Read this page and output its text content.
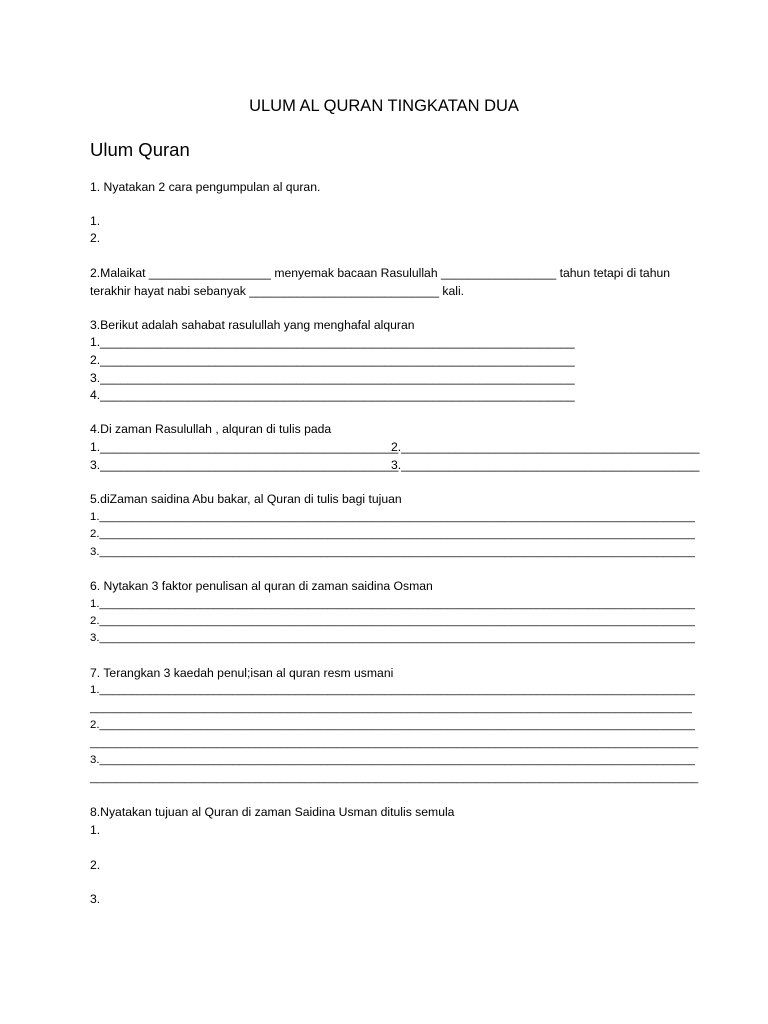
ULUM AL QURAN TINGKATAN DUA
Ulum Quran
1. Nyatakan 2 cara pengumpulan al quran.
1.
2.
2.Malaikat __________________ menyemak bacaan Rasulullah _________________ tahun tetapi di tahun
terakhir hayat nabi sebanyak ____________________________ kali.
3.Berikut adalah sahabat rasulullah yang menghafal alquran
1.______________________________________________________________________
2.______________________________________________________________________
3.______________________________________________________________________
4.______________________________________________________________________
4.Di zaman Rasulullah , alquran di tulis pada
1.____________________________________________
2.____________________________________________
3.____________________________________________
3.____________________________________________
5.diZaman saidina Abu bakar, al Quran di tulis bagi tujuan
1.______________________________________________________________________________________________
2.______________________________________________________________________________________________
3.______________________________________________________________________________________________
6. Nytakan 3 faktor penulisan al quran di zaman saidina Osman
1.______________________________________________________________________________________________
2.______________________________________________________________________________________________
3.______________________________________________________________________________________________
7. Terangkan 3 kaedah penul;isan al quran resm usmani
1.______________________________________________________________________________________________
_______________________________________________________________________________________________
2.______________________________________________________________________________________________
________________________________________________________________________________________________
3.______________________________________________________________________________________________
________________________________________________________________________________________________
8.Nyatakan tujuan al Quran di zaman Saidina Usman ditulis semula
1.
2.
3.
